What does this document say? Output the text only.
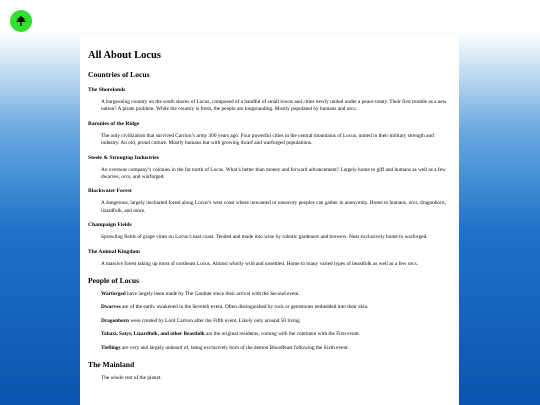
All About Locus
Countries of Locus
The Shorelands

A burgeoning country on the south shores of Locus, composed of a handful of small towns and cities newly united under a peace treaty. Their first trouble as a new nation? A pirate problem. While the country is fresh, the people are longstanding. Mostly populated by humans and orcs.

Baronies of the Ridge

The only civilization that survived Carrion’s army 300 years ago. Four powerful cities in the central mountains of Locus, united in their military strength and industry. An old, proud culture. Mostly humans but with growing dwarf and warforged populations.

Steele & Strongtop Industries

An overseas company’s colonies in the far north of Locus. What’s better than money and forward advancement? Largely home to giff and humans as well as a few dwarves, orcs, and warforged.

Blackwater Forest

A dangerous, largely uncharted forest along Locus’s west coast where unwanted or unsavory peoples can gather in anonymity. Home to humans, orcs, dragonborn, lizardfolk, and more.

Champaign Fields

Sprawling fields of grape vines on Locus’s east coast. Tended and made into wine by robotic gardeners and brewers. Near exclusively home to warforged.

The Animal Kingdom

A massive forest taking up most of northeast Locus. Almost wholly wild and unsettled. Home to many varied types of beastfolk as well as a few orcs.

People of Locus

Warforged have largely been made by The Gardner since their arrival with the Second event.

Dwarves are of the earth, awakened in the Seventh event. Often distinguished by rock or gemstones embedded into their skin.

Dragonborn were created by Lord Carrion after the Fifth event. Likely only around 50 living

Tabaxi, Satyr, Lizardfolk, and other Beastfolk are the original residents, coming with the continent with the First event.

Tieflings are very and largely unheard of, being exclusively born of the demon Bloodfeast following the Sixth event.

The Mainland

The whole rest of the planet.
